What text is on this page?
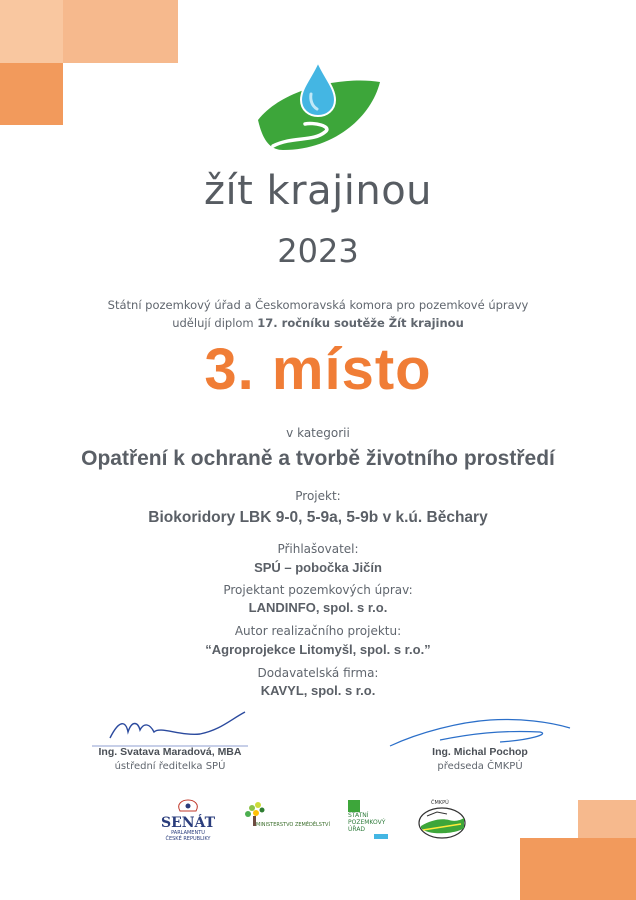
žít krajinou
2023
Státní pozemkový úřad a Českomoravská komora pro pozemkové úpravy
udělují diplom 17. ročníku soutěže Žít krajinou
3. místo
v kategorii
Opatření k ochraně a tvorbě životního prostředí
Projekt:
Biokoridory LBK 9-0, 5-9a, 5-9b v k.ú. Běchary
Přihlašovatel:
SPÚ – pobočka Jičín
Projektant pozemkových úprav:
LANDINFO, spol. s r.o.
Autor realizačního projektu:
“Agroprojekce Litomyšl, spol. s r.o.”
Dodavatelská firma:
KAVYL, spol. s r.o.
Ing. Svatava Maradová, MBA
ústřední ředitelka SPÚ
Ing. Michal Pochop
předseda ČMKPÚ
SENÁT
PARLAMENTU
ČESKÉ REPUBLIKY
MINISTERSTVO ZEMĚDĚLSTVÍ
STÁTNÍ
POZEMKOVÝ
ÚŘAD
ČMKPÚ
